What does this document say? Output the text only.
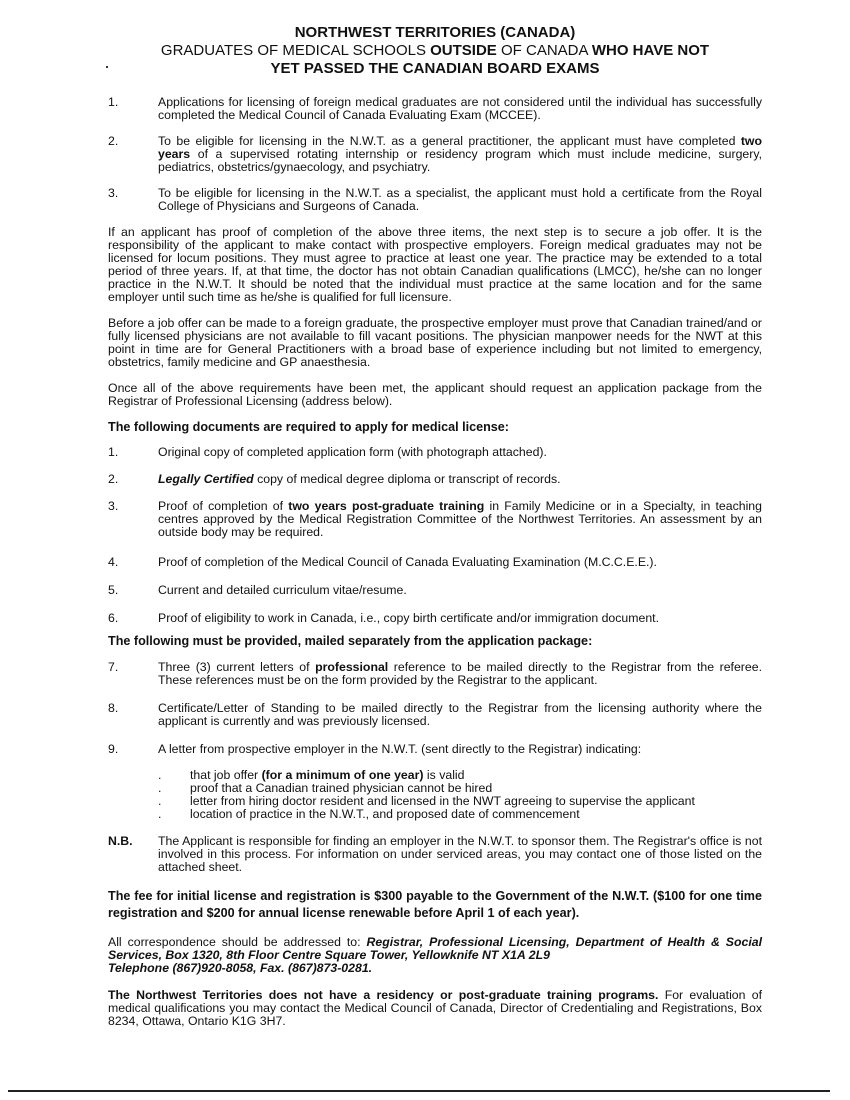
NORTHWEST TERRITORIES (CANADA)

GRADUATES OF MEDICAL SCHOOLS OUTSIDE OF CANADA WHO HAVE NOT

YET PASSED THE CANADIAN BOARD EXAMS

1.	Applications for licensing of foreign medical graduates are not considered until the individual has successfully completed the Medical Council of Canada Evaluating Exam (MCCEE).
2.	To be eligible for licensing in the N.W.T. as a general practitioner, the applicant must have completed two years of a supervised rotating internship or residency program which must include medicine, surgery, pediatrics, obstetrics/gynaecology, and psychiatry.
3.	To be eligible for licensing in the N.W.T. as a specialist, the applicant must hold a certificate from the Royal College of Physicians and Surgeons of Canada.

If an applicant has proof of completion of the above three items, the next step is to secure a job offer. It is the responsibility of the applicant to make contact with prospective employers. Foreign medical graduates may not be licensed for locum positions. They must agree to practice at least one year. The practice may be extended to a total period of three years. If, at that time, the doctor has not obtain Canadian qualifications (LMCC), he/she can no longer practice in the N.W.T. It should be noted that the individual must practice at the same location and for the same employer until such time as he/she is qualified for full licensure.

Before a job offer can be made to a foreign graduate, the prospective employer must prove that Canadian trained/and or fully licensed physicians are not available to fill vacant positions. The physician manpower needs for the NWT at this point in time are for General Practitioners with a broad base of experience including but not limited to emergency, obstetrics, family medicine and GP anaesthesia.

Once all of the above requirements have been met, the applicant should request an application package from the Registrar of Professional Licensing (address below).

The following documents are required to apply for medical license:

1.	Original copy of completed application form (with photograph attached).
2.	Legally Certified copy of medical degree diploma or transcript of records.
3.	Proof of completion of two years post-graduate training in Family Medicine or in a Specialty, in teaching centres approved by the Medical Registration Committee of the Northwest Territories. An assessment by an outside body may be required.
4.	Proof of completion of the Medical Council of Canada Evaluating Examination (M.C.C.E.E.).
5.	Current and detailed curriculum vitae/resume.
6.	Proof of eligibility to work in Canada, i.e., copy birth certificate and/or immigration document.

The following must be provided, mailed separately from the application package:

7.	Three (3) current letters of professional reference to be mailed directly to the Registrar from the referee. These references must be on the form provided by the Registrar to the applicant.
8.	Certificate/Letter of Standing to be mailed directly to the Registrar from the licensing authority where the applicant is currently and was previously licensed.
9.	A letter from prospective employer in the N.W.T. (sent directly to the Registrar) indicating:
.	that job offer (for a minimum of one year) is valid
.	proof that a Canadian trained physician cannot be hired
.	letter from hiring doctor resident and licensed in the NWT agreeing to supervise the applicant
.	location of practice in the N.W.T., and proposed date of commencement
N.B.	The Applicant is responsible for finding an employer in the N.W.T. to sponsor them. The Registrar's office is not involved in this process. For information on under serviced areas, you may contact one of those listed on the attached sheet.

The fee for initial license and registration is $300 payable to the Government of the N.W.T. ($100 for one time registration and $200 for annual license renewable before April 1 of each year).

All correspondence should be addressed to: Registrar, Professional Licensing, Department of Health & Social Services, Box 1320, 8th Floor Centre Square Tower, Yellowknife NT X1A 2L9
Telephone (867)920-8058, Fax. (867)873-0281.

The Northwest Territories does not have a residency or post-graduate training programs. For evaluation of medical qualifications you may contact the Medical Council of Canada, Director of Credentialing and Registrations, Box 8234, Ottawa, Ontario K1G 3H7.
